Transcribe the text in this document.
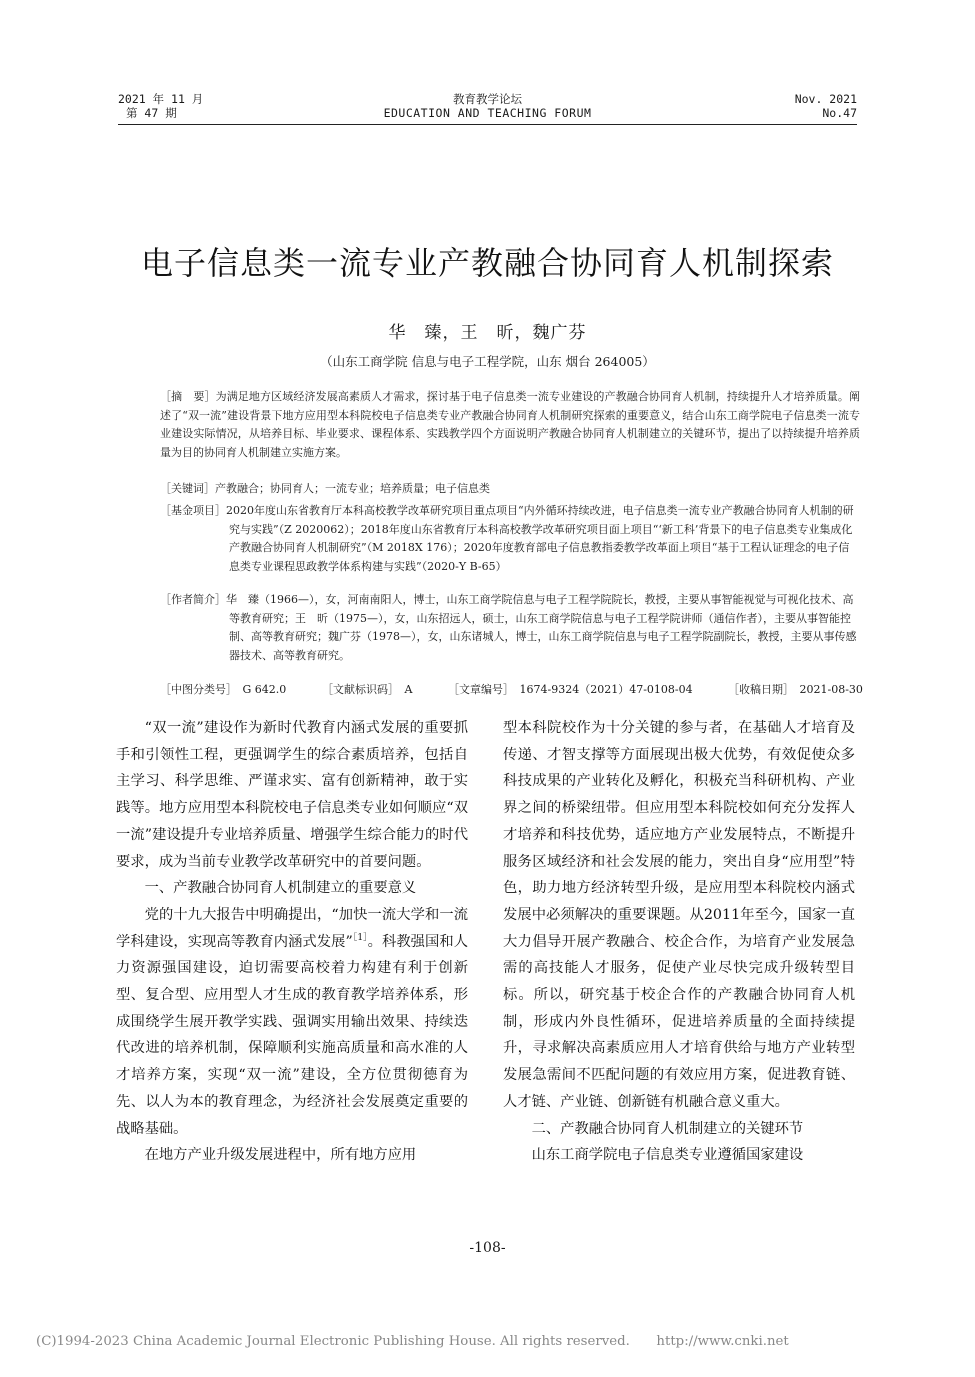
2021 年 11 月
第 47 期
教育教学论坛
EDUCATION AND TEACHING FORUM
Nov. 2021
No.47
电子信息类一流专业产教融合协同育人机制探索
华　臻，王　昕，魏广芬
（山东工商学院 信息与电子工程学院，山东 烟台 264005）
［摘　要］为满足地方区域经济发展高素质人才需求，探讨基于电子信息类一流专业建设的产教融合协同育人机制，持续提升人才培养质量。阐述了“双一流”建设背景下地方应用型本科院校电子信息类专业产教融合协同育人机制研究探索的重要意义，结合山东工商学院电子信息类一流专业建设实际情况，从培养目标、毕业要求、课程体系、实践教学四个方面说明产教融合协同育人机制建立的关键环节，提出了以持续提升培养质量为目的协同育人机制建立实施方案。
［关键词］产教融合；协同育人；一流专业；培养质量；电子信息类
［基金项目］2020年度山东省教育厅本科高校教学改革研究项目重点项目“内外循环持续改进，电子信息类一流专业产教融合协同育人机制的研究与实践”（Z 2020062）；2018年度山东省教育厅本科高校教学改革研究项目面上项目“‘新工科’背景下的电子信息类专业集成化产教融合协同育人机制研究”（M 2018X 176）；2020年度教育部电子信息教指委教学改革面上项目“基于工程认证理念的电子信息类专业课程思政教学体系构建与实践”（2020-Y B-65）
［作者简介］华　臻（1966—），女，河南南阳人，博士，山东工商学院信息与电子工程学院院长，教授，主要从事智能视觉与可视化技术、高等教育研究；王　昕（1975—），女，山东招远人，硕士，山东工商学院信息与电子工程学院讲师（通信作者），主要从事智能控制、高等教育研究；魏广芬（1978—），女，山东诸城人，博士，山东工商学院信息与电子工程学院副院长，教授，主要从事传感器技术、高等教育研究。
［中图分类号］　G 642.0	［文献标识码］　A	［文章编号］　1674-9324（2021）47-0108-04	［收稿日期］　2021-08-30

“双一流”建设作为新时代教育内涵式发展的重要抓手和引领性工程，更强调学生的综合素质培养，包括自主学习、科学思维、严谨求实、富有创新精神，敢于实践等。地方应用型本科院校电子信息类专业如何顺应“双一流”建设提升专业培养质量、增强学生综合能力的时代要求，成为当前专业教学改革研究中的首要问题。

一、产教融合协同育人机制建立的重要意义

党的十九大报告中明确提出，“加快一流大学和一流学科建设，实现高等教育内涵式发展”$^{[1]}$。科教强国和人力资源强国建设，迫切需要高校着力构建有利于创新型、复合型、应用型人才生成的教育教学培养体系，形成围绕学生展开教学实践、强调实用输出效果、持续迭代改进的培养机制，保障顺利实施高质量和高水准的人才培养方案，实现“双一流”建设，全方位贯彻德育为先、以人为本的教育理念，为经济社会发展奠定重要的战略基础。

在地方产业升级发展进程中，所有地方应用

型本科院校作为十分关键的参与者，在基础人才培育及传递、才智支撑等方面展现出极大优势，有效促使众多科技成果的产业转化及孵化，积极充当科研机构、产业界之间的桥梁纽带。但应用型本科院校如何充分发挥人才培养和科技优势，适应地方产业发展特点，不断提升服务区域经济和社会发展的能力，突出自身“应用型”特色，助力地方经济转型升级，是应用型本科院校内涵式发展中必须解决的重要课题。从2011年至今，国家一直大力倡导开展产教融合、校企合作，为培育产业发展急需的高技能人才服务，促使产业尽快完成升级转型目标。所以，研究基于校企合作的产教融合协同育人机制，形成内外良性循环，促进培养质量的全面持续提升，寻求解决高素质应用人才培育供给与地方产业转型发展急需间不匹配问题的有效应用方案，促进教育链、人才链、产业链、创新链有机融合意义重大。

二、产教融合协同育人机制建立的关键环节

山东工商学院电子信息类专业遵循国家建设

-108-
(C)1994-2023 China Academic Journal Electronic Publishing House. All rights reserved.　　http://www.cnki.net
